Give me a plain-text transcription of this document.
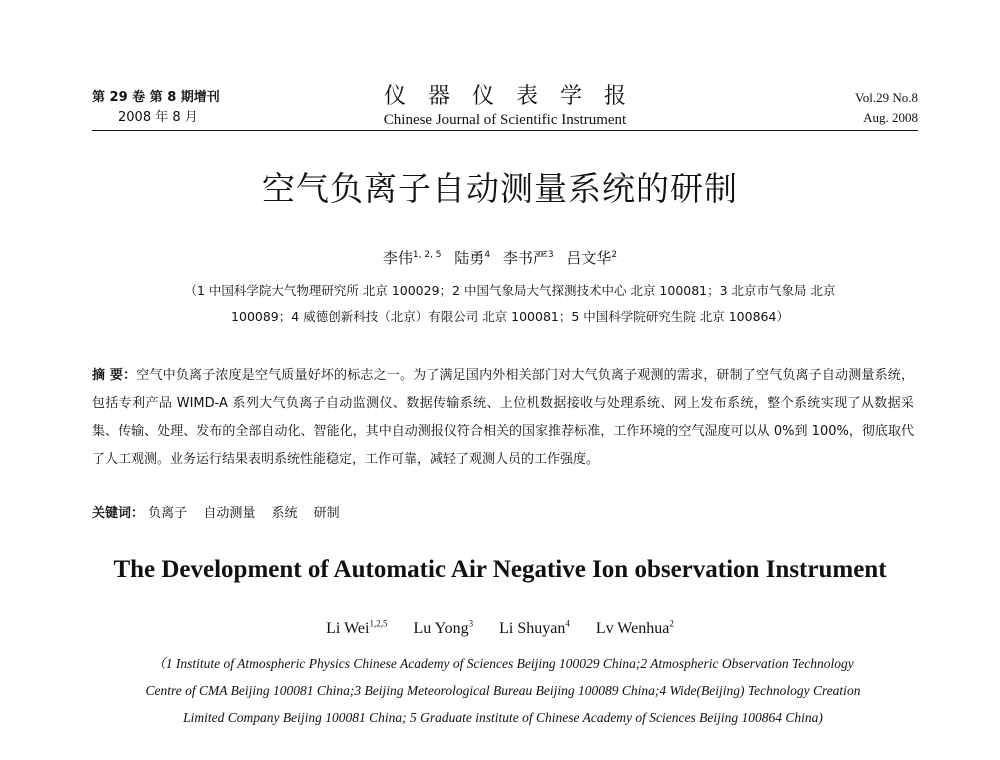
第 29 卷 第 8 期增刊
2008 年 8 月
仪器仪表学报
Chinese Journal of Scientific Instrument
Vol.29 No.8
Aug. 2008
空气负离子自动测量系统的研制
李伟$^{1, 2, 5}$ 陆勇$^4$ 李书严$^3$ 吕文华$^2$
（1 中国科学院大气物理研究所 北京 100029；2 中国气象局大气探测技术中心 北京 100081；3 北京市气象局 北京
100089；4 威德创新科技（北京）有限公司 北京 100081；5 中国科学院研究生院 北京 100864）
摘 要：空气中负离子浓度是空气质量好坏的标志之一。为了满足国内外相关部门对大气负离子观测的需求，研制了空气负离子自动测量系统，包括专利产品 WIMD-A 系列大气负离子自动监测仪、数据传输系统、上位机数据接收与处理系统、网上发布系统，整个系统实现了从数据采集、传输、处理、发布的全部自动化、智能化，其中自动测报仪符合相关的国家推荐标准，工作环境的空气湿度可以从 0%到 100%，彻底取代了人工观测。业务运行结果表明系统性能稳定，工作可靠，减轻了观测人员的工作强度。
关键词： 负离子 自动测量 系统 研制
The Development of Automatic Air Negative Ion observation Instrument
Li Wei$^{1,2,5}$ Lu Yong$^3$ Li Shuyan$^4$ Lv Wenhua$^2$
（1 Institute of Atmospheric Physics Chinese Academy of Sciences Beijing 100029 China;2 Atmospheric Observation Technology
Centre of CMA Beijing 100081 China;3 Beijing Meteorological Bureau Beijing 100089 China;4 Wide(Beijing) Technology Creation
Limited Company Beijing 100081 China; 5 Graduate institute of Chinese Academy of Sciences Beijing 100864 China)
